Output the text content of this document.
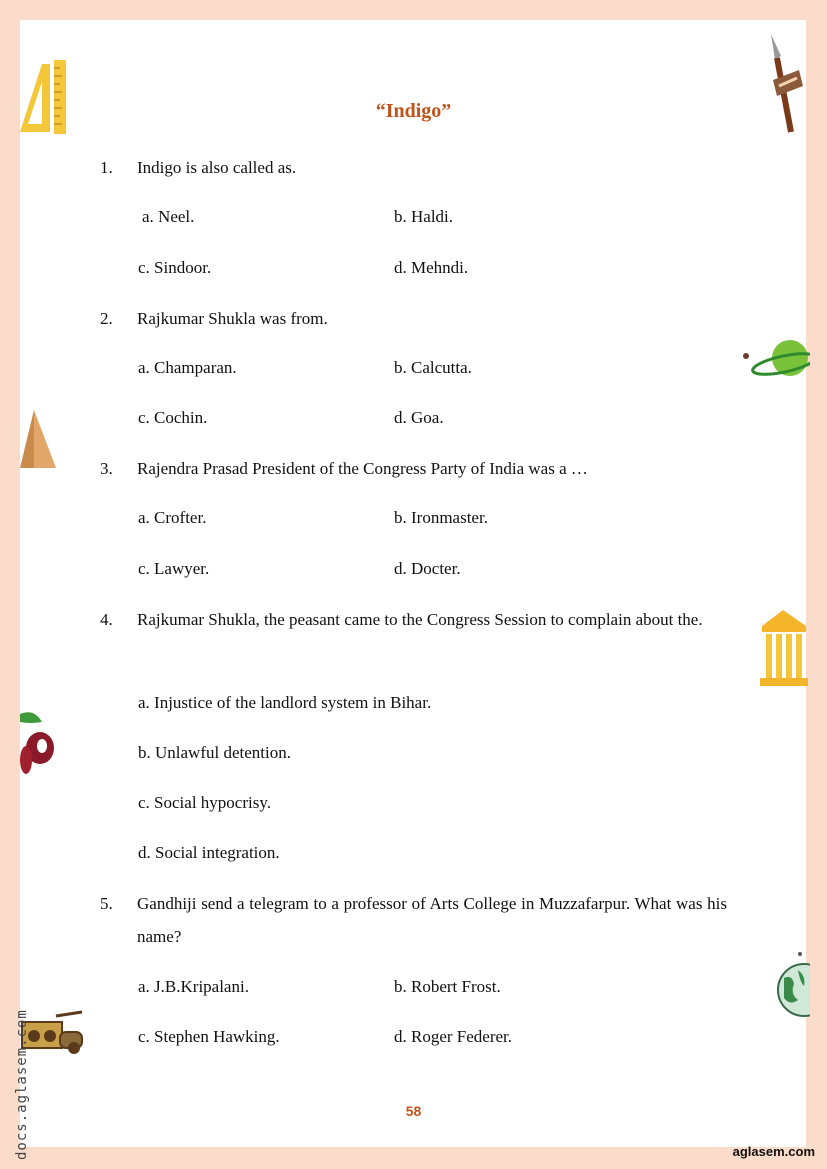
“Indigo”
1. Indigo is also called as.
a. Neel.	b. Haldi.
c. Sindoor.	d. Mehndi.
2. Rajkumar Shukla was from.
a. Champaran.	b. Calcutta.
c. Cochin.	d. Goa.
3. Rajendra Prasad President of the Congress Party of India was a …
a. Crofter.	b. Ironmaster.
c. Lawyer.	d. Docter.
4. Rajkumar Shukla, the peasant came to the Congress Session to complain about the.
a. Injustice of the landlord system in Bihar.
b. Unlawful detention.
c. Social hypocrisy.
d. Social integration.
5. Gandhiji send a telegram to a professor of Arts College in Muzzafarpur. What was his name?
a. J.B.Kripalani.	b. Robert Frost.
c. Stephen Hawking.	d. Roger Federer.
58
aglasem.com
docs.aglasem.com
